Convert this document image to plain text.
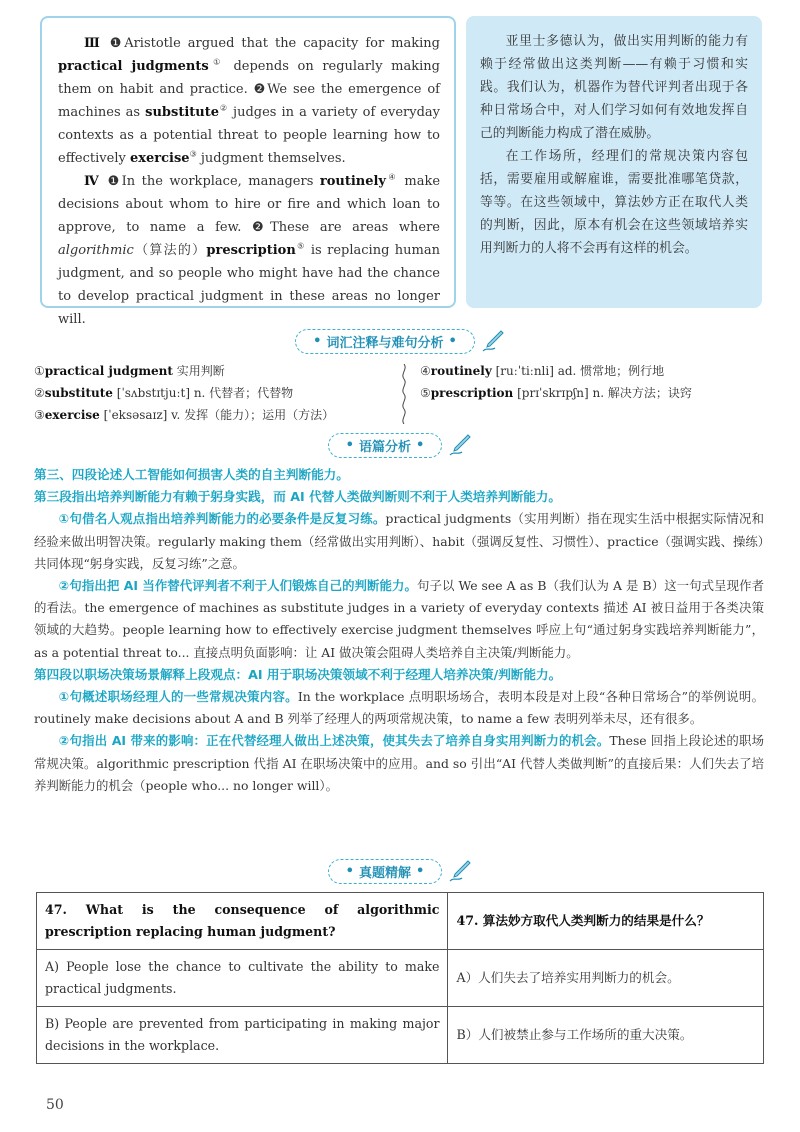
Ⅲ ❶Aristotle argued that the capacity for making practical judgments① depends on regularly making them on habit and practice. ❷We see the emergence of machines as substitute② judges in a variety of everyday contexts as a potential threat to people learning how to effectively exercise③ judgment themselves.

Ⅳ ❶In the workplace, managers routinely④ make decisions about whom to hire or fire and which loan to approve, to name a few. ❷These are areas where algorithmic（算法的）prescription⑤ is replacing human judgment, and so people who might have had the chance to develop practical judgment in these areas no longer will.

亚里士多德认为，做出实用判断的能力有赖于经常做出这类判断——有赖于习惯和实践。我们认为，机器作为替代评判者出现于各种日常场合中，对人们学习如何有效地发挥自己的判断能力构成了潜在威胁。

在工作场所，经理们的常规决策内容包括，需要雇用或解雇谁，需要批准哪笔贷款，等等。在这些领域中，算法妙方正在取代人类的判断，因此，原本有机会在这些领域培养实用判断力的人将不会再有这样的机会。

• 词汇注释与难句分析 •
①practical judgment 实用判断
②substitute [ˈsʌbstɪtjuːt] n. 代替者；代替物
③exercise [ˈeksəsaɪz] v. 发挥（能力）；运用（方法）
④routinely [ruːˈtiːnli] ad. 惯常地；例行地
⑤prescription [prɪˈskrɪpʃn] n. 解决方法；诀窍
• 语篇分析 •

第三、四段论述人工智能如何损害人类的自主判断能力。

第三段指出培养判断能力有赖于躬身实践，而 AI 代替人类做判断则不利于人类培养判断能力。

①句借名人观点指出培养判断能力的必要条件是反复习练。practical judgments（实用判断）指在现实生活中根据实际情况和经验来做出明智决策。regularly making them（经常做出实用判断）、habit（强调反复性、习惯性）、practice（强调实践、操练）共同体现“躬身实践，反复习练”之意。

②句指出把 AI 当作替代评判者不利于人们锻炼自己的判断能力。句子以 We see A as B（我们认为 A 是 B）这一句式呈现作者的看法。the emergence of machines as substitute judges in a variety of everyday contexts 描述 AI 被日益用于各类决策领域的大趋势。people learning how to effectively exercise judgment themselves 呼应上句“通过躬身实践培养判断能力”，as a potential threat to... 直接点明负面影响：让 AI 做决策会阻碍人类培养自主决策/判断能力。

第四段以职场决策场景解释上段观点：AI 用于职场决策领域不利于经理人培养决策/判断能力。

①句概述职场经理人的一些常规决策内容。In the workplace 点明职场场合，表明本段是对上段“各种日常场合”的举例说明。routinely make decisions about A and B 列举了经理人的两项常规决策，to name a few 表明列举未尽，还有很多。

②句指出 AI 带来的影响：正在代替经理人做出上述决策，使其失去了培养自身实用判断力的机会。These 回指上段论述的职场常规决策。algorithmic prescription 代指 AI 在职场决策中的应用。and so 引出“AI 代替人类做判断”的直接后果：人们失去了培养判断能力的机会（people who... no longer will）。

• 真题精解 •
47. What is the consequence of algorithmic prescription replacing human judgment?	47. 算法妙方取代人类判断力的结果是什么？
A) People lose the chance to cultivate the ability to make practical judgments.	A）人们失去了培养实用判断力的机会。
B) People are prevented from participating in making major decisions in the workplace.	B）人们被禁止参与工作场所的重大决策。
50
